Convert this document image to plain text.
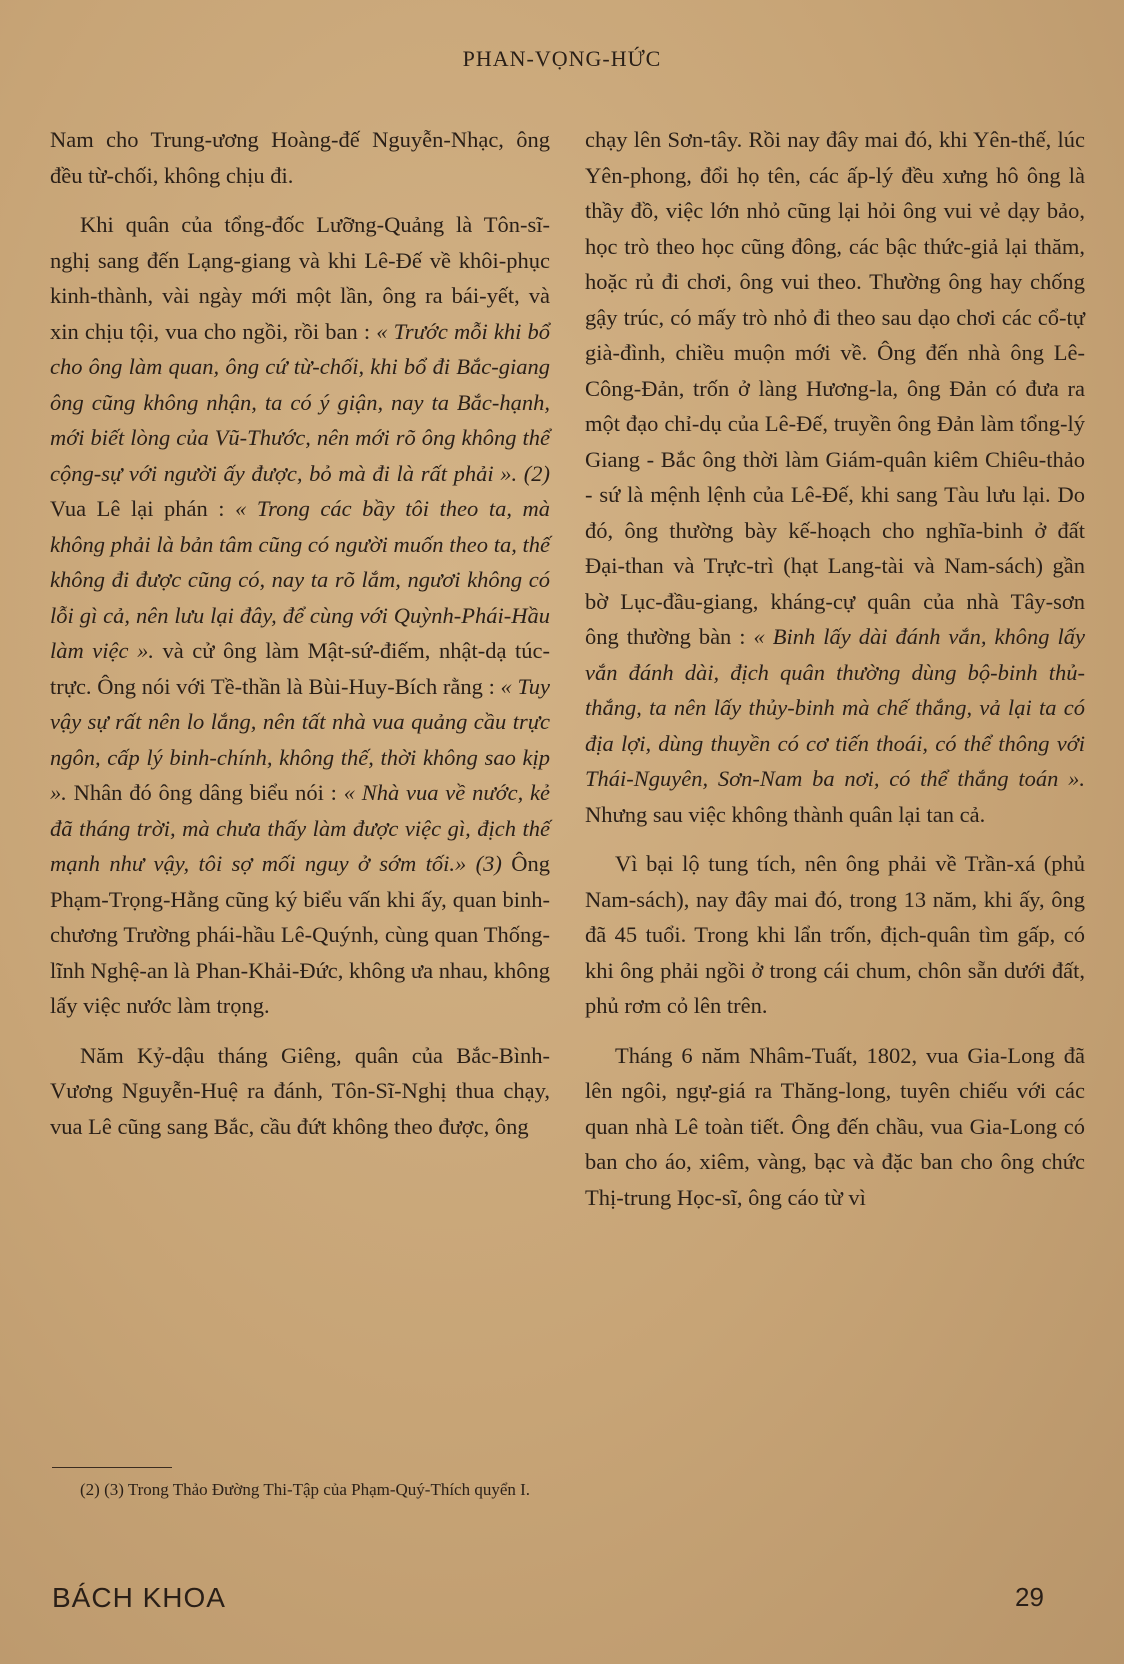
PHAN-VỌNG-HỨC

Nam cho Trung-ương Hoàng-đế Nguyễn-Nhạc, ông đều từ-chối, không chịu đi.

Khi quân của tổng-đốc Lưỡng-Quảng là Tôn-sĩ-nghị sang đến Lạng-giang và khi Lê-Đế về khôi-phục kinh-thành, vài ngày mới một lần, ông ra bái-yết, và xin chịu tội, vua cho ngồi, rồi ban : « Trước mỗi khi bổ cho ông làm quan, ông cứ từ-chối, khi bổ đi Bắc-giang ông cũng không nhận, ta có ý giận, nay ta Bắc-hạnh, mới biết lòng của Vũ-Thước, nên mới rõ ông không thể cộng-sự với người ấy được, bỏ mà đi là rất phải ». (2) Vua Lê lại phán : « Trong các bầy tôi theo ta, mà không phải là bản tâm cũng có người muốn theo ta, thế không đi được cũng có, nay ta rõ lắm, ngươi không có lỗi gì cả, nên lưu lại đây, để cùng với Quỳnh-Phái-Hầu làm việc ». và cử ông làm Mật-sứ-điếm, nhật-dạ túc-trực. Ông nói với Tề-thần là Bùi-Huy-Bích rằng : « Tuy vậy sự rất nên lo lắng, nên tất nhà vua quảng cầu trực ngôn, cấp lý binh-chính, không thế, thời không sao kịp ». Nhân đó ông dâng biểu nói : « Nhà vua về nước, kẻ đã tháng trời, mà chưa thấy làm được việc gì, địch thế mạnh như vậy, tôi sợ mối nguy ở sớm tối.» (3) Ông Phạm-Trọng-Hằng cũng ký biểu vấn khi ấy, quan binh-chương Trường phái-hầu Lê-Quýnh, cùng quan Thống-lĩnh Nghệ-an là Phan-Khải-Đức, không ưa nhau, không lấy việc nước làm trọng.

Năm Kỷ-dậu tháng Giêng, quân của Bắc-Bình-Vương Nguyễn-Huệ ra đánh, Tôn-Sĩ-Nghị thua chạy, vua Lê cũng sang Bắc, cầu đứt không theo được, ông

(2) (3) Trong Thảo Đường Thi-Tập của Phạm-Quý-Thích quyển I.

chạy lên Sơn-tây. Rồi nay đây mai đó, khi Yên-thế, lúc Yên-phong, đổi họ tên, các ấp-lý đều xưng hô ông là thầy đồ, việc lớn nhỏ cũng lại hỏi ông vui vẻ dạy bảo, học trò theo học cũng đông, các bậc thức-giả lại thăm, hoặc rủ đi chơi, ông vui theo. Thường ông hay chống gậy trúc, có mấy trò nhỏ đi theo sau dạo chơi các cổ-tự già-đình, chiều muộn mới về. Ông đến nhà ông Lê-Công-Đản, trốn ở làng Hương-la, ông Đản có đưa ra một đạo chỉ-dụ của Lê-Đế, truyền ông Đản làm tổng-lý Giang - Bắc ông thời làm Giám-quân kiêm Chiêu-thảo - sứ là mệnh lệnh của Lê-Đế, khi sang Tàu lưu lại. Do đó, ông thường bày kế-hoạch cho nghĩa-binh ở đất Đại-than và Trực-trì (hạt Lang-tài và Nam-sách) gần bờ Lục-đầu-giang, kháng-cự quân của nhà Tây-sơn ông thường bàn : « Binh lấy dài đánh vắn, không lấy vắn đánh dài, địch quân thường dùng bộ-binh thủ-thắng, ta nên lấy thủy-binh mà chế thắng, vả lại ta có địa lợi, dùng thuyền có cơ tiến thoái, có thể thông với Thái-Nguyên, Sơn-Nam ba nơi, có thể thắng toán ». Nhưng sau việc không thành quân lại tan cả.

Vì bại lộ tung tích, nên ông phải về Trần-xá (phủ Nam-sách), nay đây mai đó, trong 13 năm, khi ấy, ông đã 45 tuổi. Trong khi lẩn trốn, địch-quân tìm gấp, có khi ông phải ngồi ở trong cái chum, chôn sẵn dưới đất, phủ rơm cỏ lên trên.

Tháng 6 năm Nhâm-Tuất, 1802, vua Gia-Long đã lên ngôi, ngự-giá ra Thăng-long, tuyên chiếu với các quan nhà Lê toàn tiết. Ông đến chầu, vua Gia-Long có ban cho áo, xiêm, vàng, bạc và đặc ban cho ông chức Thị-trung Học-sĩ, ông cáo từ vì

BÁCH KHOA	29
